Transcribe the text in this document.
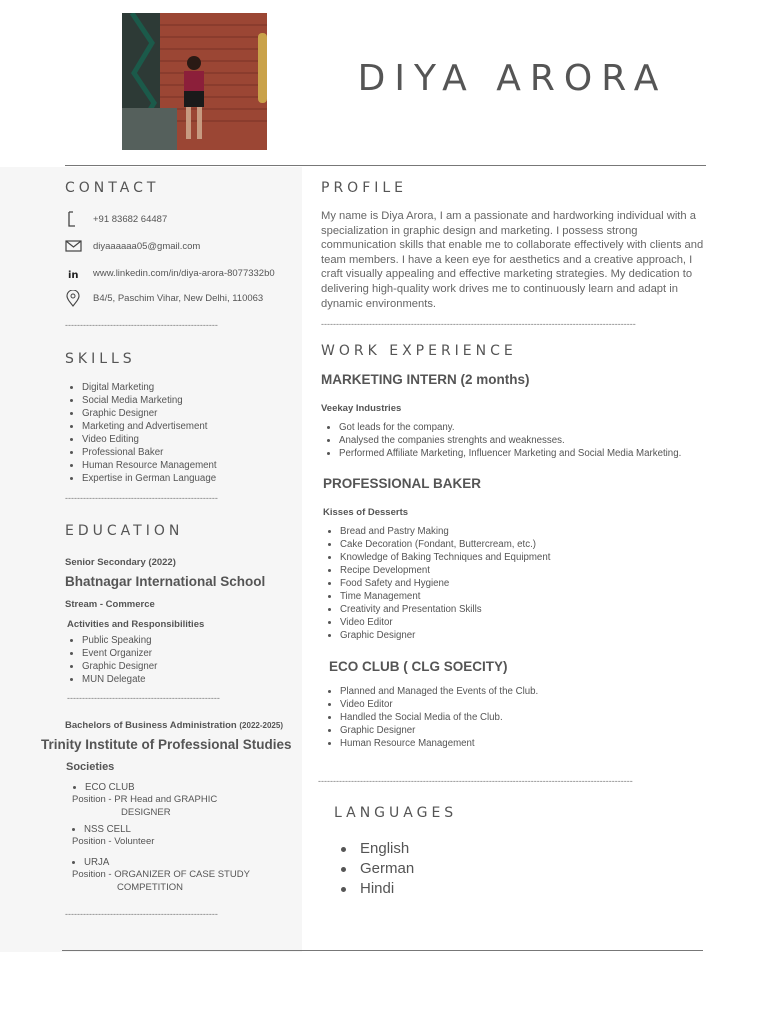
DIYA ARORA
CONTACT
+91 83682 64487
diyaaaaaa05@gmail.com
in www.linkedin.com/in/diya-arora-8077332b0
B4/5, Paschim Vihar, New Delhi, 110063
---------------------------------------------------
SKILLS
Digital Marketing
Social Media Marketing
Graphic Designer
Marketing and Advertisement
Video Editing
Professional Baker
Human Resource Management
Expertise in German Language
---------------------------------------------------
EDUCATION
Senior Secondary (2022)
Bhatnagar International School
Stream - Commerce
Activities and Responsibilities
Public Speaking
Event Organizer
Graphic Designer
MUN Delegate
---------------------------------------------------
Bachelors of Business Administration (2022-2025)
Trinity Institute of Professional Studies
Societies
ECO CLUB
Position - PR Head and GRAPHIC
DESIGNER
NSS CELL
Position - Volunteer
URJA
Position - ORGANIZER OF CASE STUDY
COMPETITION
---------------------------------------------------
PROFILE
My name is Diya Arora, I am a passionate and hardworking individual with a specialization in graphic design and marketing. I possess strong communication skills that enable me to collaborate effectively with clients and team members. I have a keen eye for aesthetics and a creative approach, I craft visually appealing and effective marketing strategies. My dedication to delivering high-quality work drives me to continuously learn and adapt in dynamic environments.
---------------------------------------------------------------------------------------------------------
WORK EXPERIENCE
MARKETING INTERN (2 months)
Veekay Industries
Got leads for the company.
Analysed the companies strenghts and weaknesses.
Performed Affiliate Marketing, Influencer Marketing and Social Media Marketing.
PROFESSIONAL BAKER
Kisses of Desserts
Bread and Pastry Making
Cake Decoration (Fondant, Buttercream, etc.)
Knowledge of Baking Techniques and Equipment
Recipe Development
Food Safety and Hygiene
Time Management
Creativity and Presentation Skills
Video Editor
Graphic Designer
ECO CLUB ( CLG SOECITY)
Planned and Managed the Events of the Club.
Video Editor
Handled the Social Media of the Club.
Graphic Designer
Human Resource Management
---------------------------------------------------------------------------------------------------------
LANGUAGES
English
German
Hindi
